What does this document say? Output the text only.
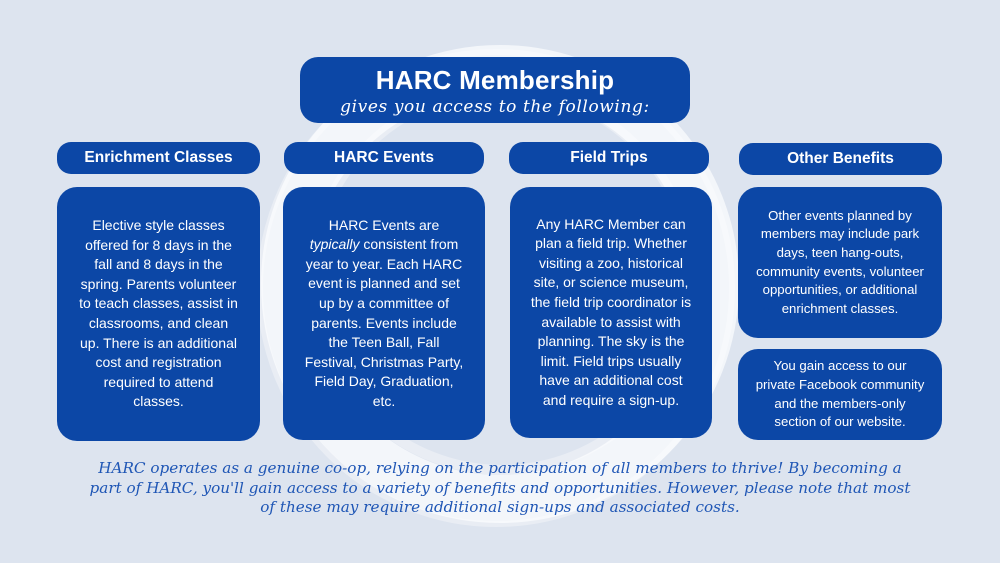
HARC Membership
gives you access to the following:
Enrichment Classes	HARC Events	Field Trips	Other Benefits
Elective style classes
offered for 8 days in the
fall and 8 days in the
spring. Parents volunteer
to teach classes, assist in
classrooms, and clean
up. There is an additional
cost and registration
required to attend
classes.
HARC Events are
typically consistent from
year to year. Each HARC
event is planned and set
up by a committee of
parents. Events include
the Teen Ball, Fall
Festival, Christmas Party,
Field Day, Graduation,
etc.
Any HARC Member can
plan a field trip. Whether
visiting a zoo, historical
site, or science museum,
the field trip coordinator is
available to assist with
planning. The sky is the
limit. Field trips usually
have an additional cost
and require a sign-up.
Other events planned by
members may include park
days, teen hang-outs,
community events, volunteer
opportunities, or additional
enrichment classes.
You gain access to our
private Facebook community
and the members-only
section of our website.
HARC operates as a genuine co-op, relying on the participation of all members to thrive! By becoming a
part of HARC, you'll gain access to a variety of benefits and opportunities. However, please note that most
of these may require additional sign-ups and associated costs.
